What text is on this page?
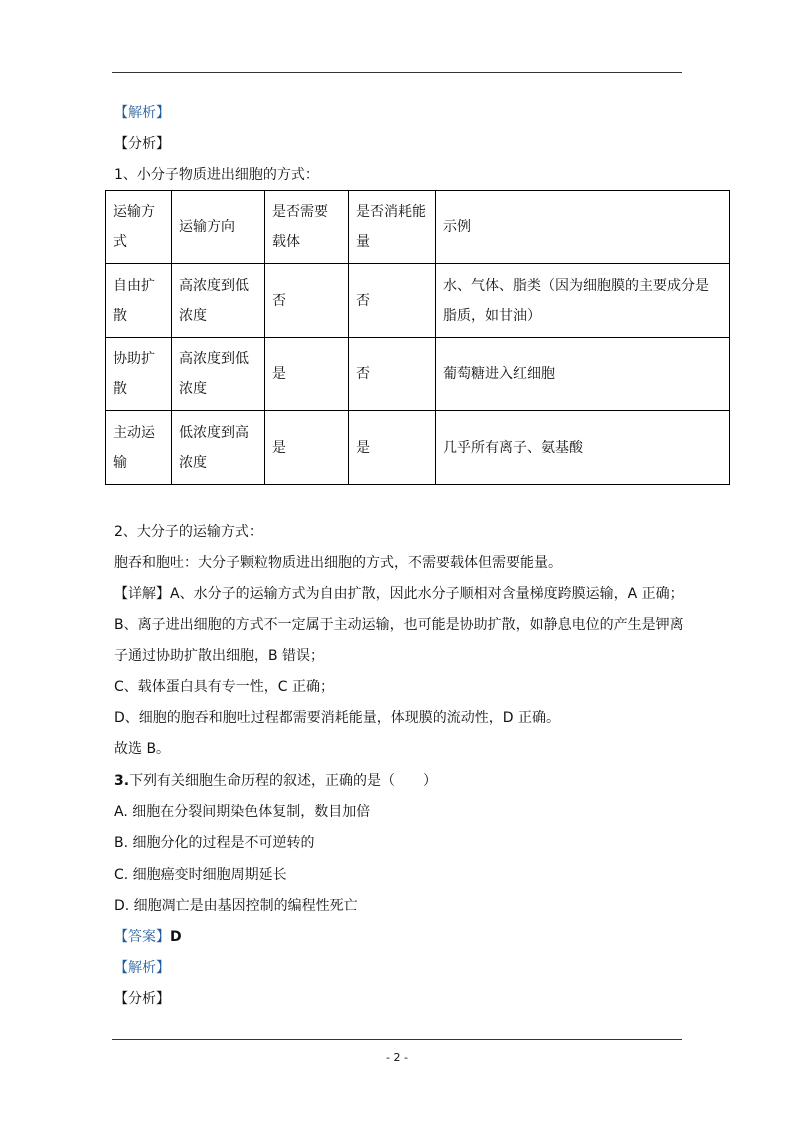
【解析】
【分析】
1、小分子物质进出细胞的方式：
运输方式	运输方向	是否需要载体	是否消耗能量	示例
自由扩散	高浓度到低浓度	否	否	水、气体、脂类（因为细胞膜的主要成分是脂质，如甘油）
协助扩散	高浓度到低浓度	是	否	葡萄糖进入红细胞
主动运输	低浓度到高浓度	是	是	几乎所有离子、氨基酸
2、大分子的运输方式：
胞吞和胞吐：大分子颗粒物质进出细胞的方式，不需要载体但需要能量。
【详解】A、水分子的运输方式为自由扩散，因此水分子顺相对含量梯度跨膜运输，A 正确；
B、离子进出细胞的方式不一定属于主动运输，也可能是协助扩散，如静息电位的产生是钾离
子通过协助扩散出细胞，B 错误；
C、载体蛋白具有专一性，C 正确；
D、细胞的胞吞和胞吐过程都需要消耗能量，体现膜的流动性，D 正确。
故选 B。
3.下列有关细胞生命历程的叙述，正确的是（　　）
A. 细胞在分裂间期染色体复制，数目加倍
B. 细胞分化的过程是不可逆转的
C. 细胞癌变时细胞周期延长
D. 细胞凋亡是由基因控制的编程性死亡
【答案】D
【解析】
【分析】
- 2 -
